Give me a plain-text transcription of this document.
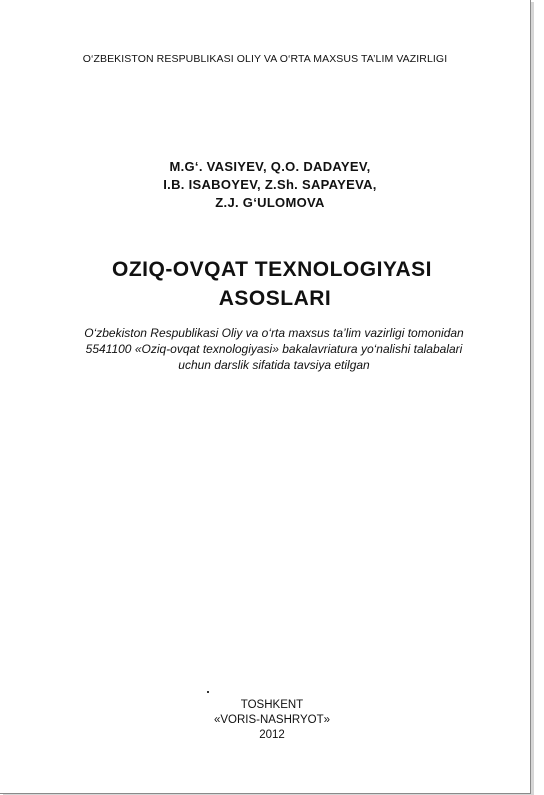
O‘ZBEKISTON RESPUBLIKASI OLIY VA O‘RTA MAXSUS TA’LIM VAZIRLIGI
M.G‘. VASIYEV, Q.O. DADAYEV,
I.B. ISABOYEV, Z.Sh. SAPAYEVA,
Z.J. G‘ULOMOVA
OZIQ-OVQAT TEXNOLOGIYASI
ASOSLARI
O‘zbekiston Respublikasi Oliy va o‘rta maxsus ta’lim vazirligi tomonidan
5541100 «Oziq-ovqat texnologiyasi» bakalavriatura yo‘nalishi talabalari
uchun darslik sifatida tavsiya etilgan
TOSHKENT
«VORIS-NASHRYOT»
2012
